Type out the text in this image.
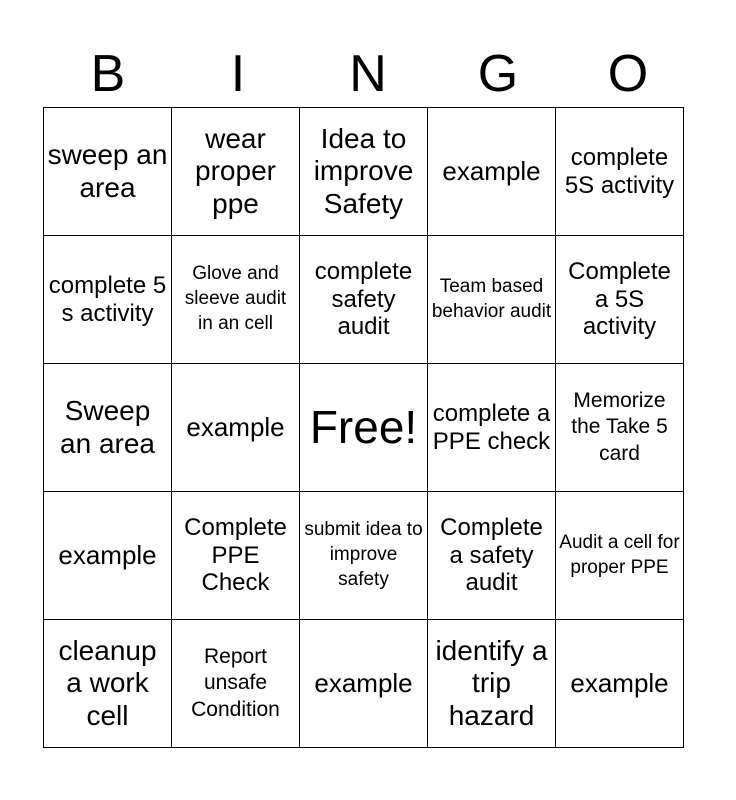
B	I	N	G	O
sweep an area	wear proper ppe	Idea to improve Safety	example	complete 5S activity
complete 5 s activity	Glove and sleeve audit in an cell	complete safety audit	Team based behavior audit	Complete a 5S activity
Sweep an area	example	Free!	complete a PPE check	Memorize the Take 5 card
example	Complete PPE Check	submit idea to improve safety	Complete a safety audit	Audit a cell for proper PPE
cleanup a work cell	Report unsafe Condition	example	identify a trip hazard	example
